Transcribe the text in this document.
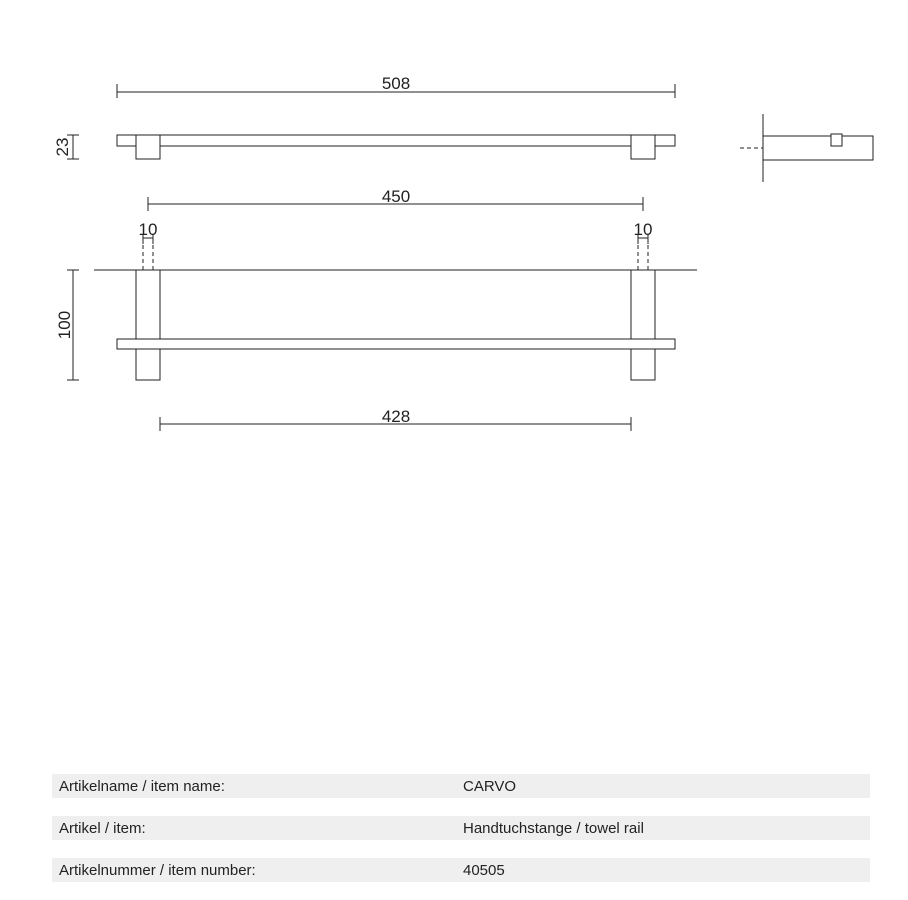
508
23
450
10	10
100
428
Artikelname / item name:	CARVO
Artikel / item:	Handtuchstange / towel rail
Artikelnummer / item number:	40505
